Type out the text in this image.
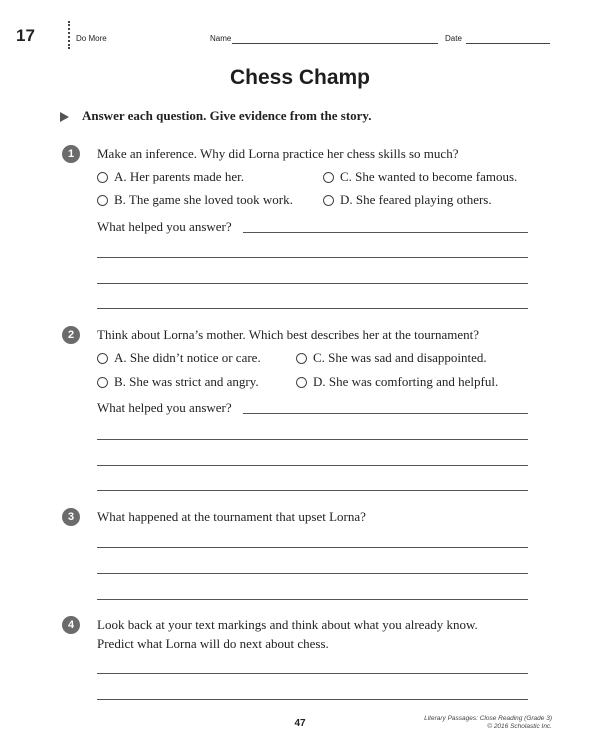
17	Do More	Name	Date
Chess Champ
Answer each question. Give evidence from the story.
1	Make an inference. Why did Lorna practice her chess skills so much?
A. Her parents made her.	C. She wanted to become famous.
B. The game she loved took work.	D. She feared playing others.
What helped you answer?
2	Think about Lorna’s mother. Which best describes her at the tournament?
A. She didn’t notice or care.	C. She was sad and disappointed.
B. She was strict and angry.	D. She was comforting and helpful.
What helped you answer?
3	What happened at the tournament that upset Lorna?
4	Look back at your text markings and think about what you already know.
Predict what Lorna will do next about chess.
47	Literary Passages: Close Reading (Grade 3)
© 2016 Scholastic Inc.
